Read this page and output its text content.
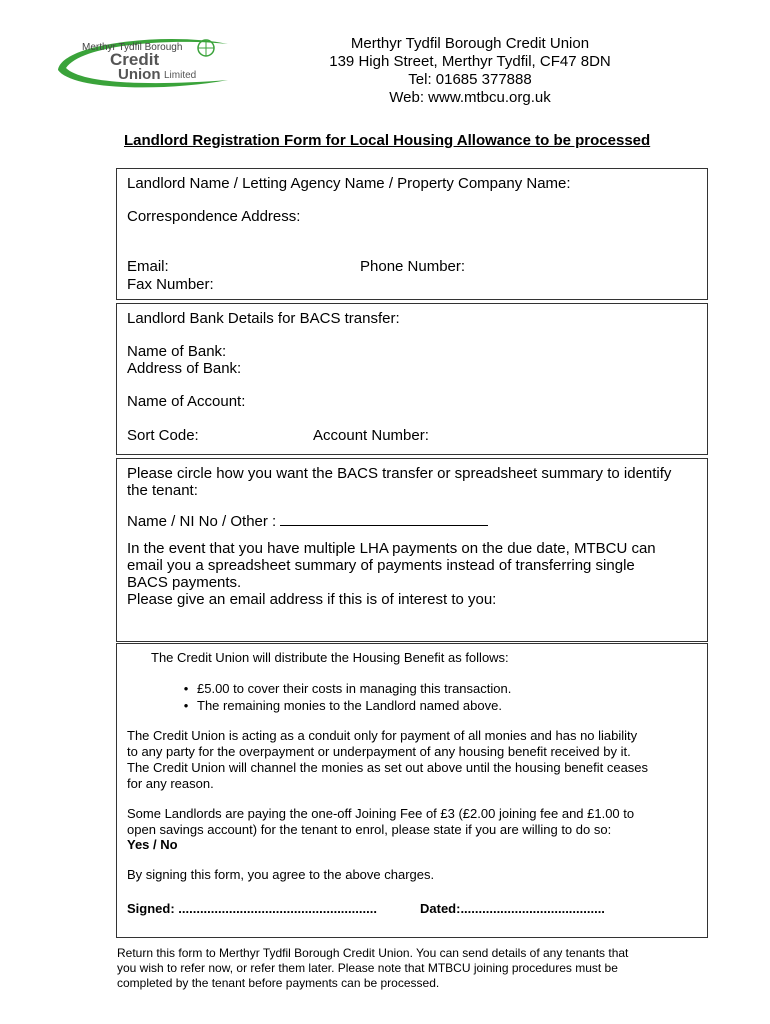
Merthyr Tydfil Borough
Credit
Union Limited
Merthyr Tydfil Borough Credit Union
139 High Street, Merthyr Tydfil, CF47 8DN
Tel: 01685 377888
Web: www.mtbcu.org.uk
Landlord Registration Form for Local Housing Allowance to be processed
Landlord Name / Letting Agency Name / Property Company Name:
Correspondence Address:
Email:	Phone Number:
Fax Number:
Landlord Bank Details for BACS transfer:
Name of Bank:
Address of Bank:
Name of Account:
Sort Code:	Account Number:
Please circle how you want the BACS transfer or spreadsheet summary to identify
the tenant:
Name / NI No / Other :
In the event that you have multiple LHA payments on the due date, MTBCU can
email you a spreadsheet summary of payments instead of transferring single
BACS payments.
Please give an email address if this is of interest to you:
The Credit Union will distribute the Housing Benefit as follows:
• £5.00 to cover their costs in managing this transaction.
• The remaining monies to the Landlord named above.
The Credit Union is acting as a conduit only for payment of all monies and has no liability
to any party for the overpayment or underpayment of any housing benefit received by it.
The Credit Union will channel the monies as set out above until the housing benefit ceases
for any reason.
Some Landlords are paying the one-off Joining Fee of £3 (£2.00 joining fee and £1.00 to
open savings account) for the tenant to enrol, please state if you are willing to do so:
Yes / No
By signing this form, you agree to the above charges.
Signed: .......................................................	Dated:........................................
Return this form to Merthyr Tydfil Borough Credit Union. You can send details of any tenants that
you wish to refer now, or refer them later. Please note that MTBCU joining procedures must be
completed by the tenant before payments can be processed.
